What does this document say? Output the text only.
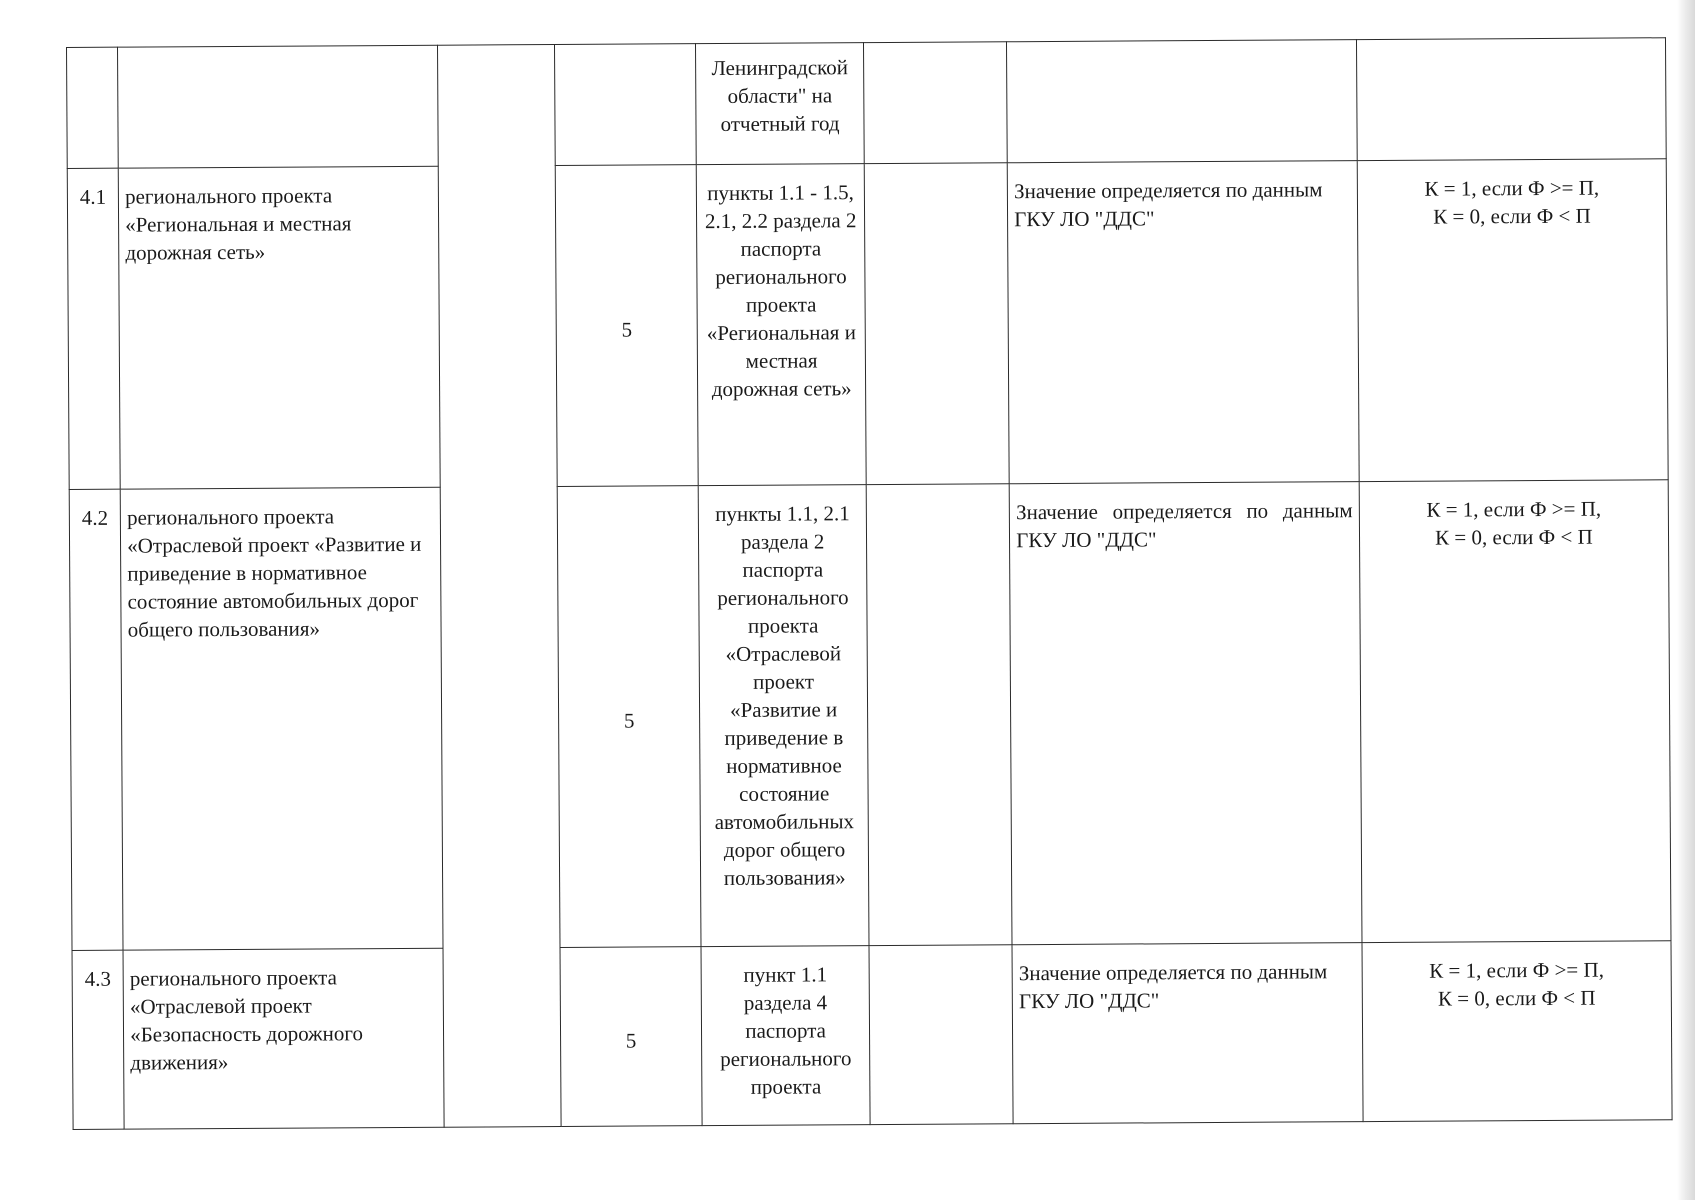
				Ленинградской области" на отчетный год			
4.1	регионального проекта «Региональная и местная дорожная сеть»		5	пункты 1.1 - 1.5, 2.1, 2.2 раздела 2 паспорта регионального проекта «Региональная и местная дорожная сеть»		Значение определяется по данным ГКУ ЛО "ДДС"	К = 1, если Ф >= П,
К = 0, если Ф < П

4.2	регионального проекта «Отраслевой проект «Развитие и приведение в нормативное состояние автомобильных дорог общего пользования»		5	пункты 1.1, 2.1 раздела 2 паспорта регионального проекта «Отраслевой проект «Развитие и приведение в нормативное состояние автомобильных дорог общего пользования»		Значение определяется по данным ГКУ ЛО "ДДС"	К = 1, если Ф >= П,
К = 0, если Ф < П

4.3	регионального проекта «Отраслевой проект «Безопасность дорожного движения»		5	пункт 1.1 раздела 4 паспорта регионального проекта		Значение определяется по данным ГКУ ЛО "ДДС"	К = 1, если Ф >= П,
К = 0, если Ф < П
